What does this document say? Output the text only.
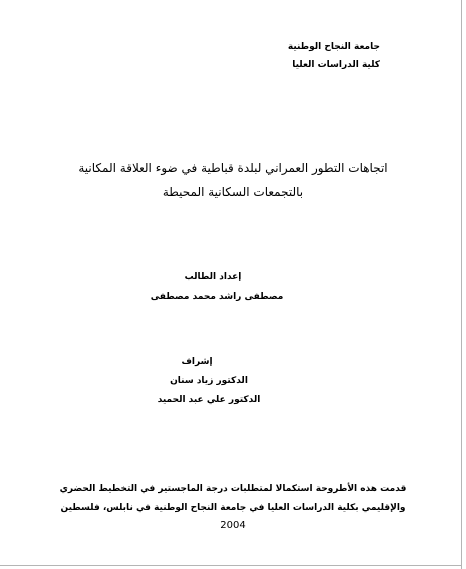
جامعة النجاح الوطنية
كلية الدراسات العليا
اتجاهات التطور العمراني لبلدة قباطية في ضوء العلاقة المكانية
بالتجمعات السكانية المحيطة
إعداد الطالب
مصطفى راشد محمد مصطفى
إشراف
الدكتور زياد سنان
الدكتور علي عبد الحميد
قدمت هذه الأطروحة استكمالا لمتطلبات درجة الماجستير في التخطيط الحضري
والإقليمي بكلية الدراسات العليا في جامعة النجاح الوطنية في نابلس، فلسطين
2004
